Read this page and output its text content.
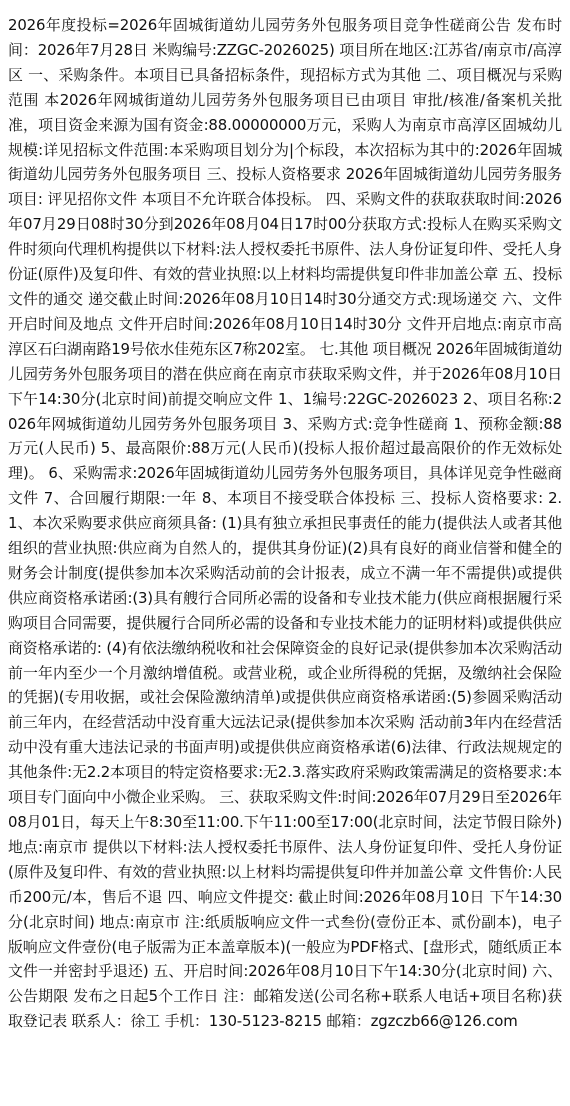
2026年度投标=2026年固城街道幼儿园劳务外包服务项目竞争性磋商公告 发布时间：2026年7月28日 米购编号:ZZGC-2026025) 项目所在地区:江苏省/南京市/高淳区 一、采购条件。本项目已具备招标条件，现招标方式为其他 二、项目概况与采购范围 本2026年网城街道幼儿园劳务外包服务项目已由项目 审批/核准/备案机关批 准，项目资金来源为国有资金:88.00000000万元，采购人为南京市高淳区固城幼儿 规模:详见招标文件范围:本采购项目划分为|个标段，本次招标为其中的:2026年固城街道幼儿园劳务外包服务项目 三、投标人资格要求 2026年固城街道幼儿园劳务服务项目: 评见招你文件 本项目不允许联合体投标。 四、采购文件的获取获取时间:2026年07月29日08时30分到2026年08月04日17时00分获取方式:投标人在购买采购文件时须向代理机构提供以下材料:法人授权委托书原件、法人身份证复印件、受托人身份证(原件)及复印件、有效的营业执照:以上材料均需提供复印件非加盖公章 五、投标文件的通交 递交截止时间:2026年08月10日14时30分通交方式:现场递交 六、文件开启时间及地点 文件开启时间:2026年08月10日14时30分 文件开启地点:南京市高淳区石臼湖南路19号依水佳苑东区7称202室。 七.其他 项目概况 2026年固城街道幼儿园劳务外包服务项目的潜在供应商在南京市获取采购文件，并于2026年08月10日 下午14:30分(北京时间)前提交响应文件 1、1编号:22GC-2026023 2、项目名称:2026年网城街道幼儿园劳务外包服务项目 3、采购方式:竞争性磋商 1、预称金额:88万元(人民币) 5、最高限价:88万元(人民币)(投标人报价超过最高限价的作无效标处理)。 6、采购需求:2026年固城街道幼儿园劳务外包服务项目，具体详见竞争性磁商文件 7、合回履行期限:一年 8、本项目不接受联合体投标 三、投标人资格要求: 2.1、本次采购要求供应商须具备: (1)具有独立承担民事责任的能力(提供法人或者其他组织的营业执照:供应商为自然人的，提供其身份证)(2)具有良好的商业信誉和健全的财务会计制度(提供参加本次采购活动前的会计报表，成立不满一年不需提供)或提供供应商资格承诺函:(3)具有艘行合同所必需的设备和专业技术能力(供应商根据履行采购项目合同需要，提供履行合同所必需的设备和专业技术能力的证明材料)或提供供应商资格承诺的: (4)有依法缴纳税收和社会保障资金的良好记录(提供参加本次采购活动前一年内至少一个月激纳增值税。或营业税，或企业所得税的凭据，及缴纳社会保险的凭据)(专用收据，或社会保险激纳清单)或提供供应商资格承诺函:(5)参圆采购活动前三年内，在经营活动中没育重大远法记录(提供参加本次采购 活动前3年内在经营活动中没有重大违法记录的书面声明)或提供供应商资格承诺(6)法律、行政法规规定的其他条件:无2.2本项目的特定资格要求:无2.3.落实政府采购政策需满足的资格要求:本项目专门面向中小微企业采购。 三、获取采购文件:时间:2026年07月29日至2026年08月01日，每天上午8:30至11:00.下午11:00至17:00(北京时间，法定节假日除外)地点:南京市 提供以下材料:法人授权委托书原件、法人身份证复印件、受托人身份证(原件及复印件、有效的营业执照:以上材料均需提供复印件并加盖公章 文件售价:人民币200元/本，售后不退 四、响应文件提交: 截止时间:2026年08月10日 下午14:30分(北京时间) 地点:南京市 注:纸质版响应文件一式叁份(壹份正本、贰份副本)，电子版响应文件壹份(电子版需为正本盖章版本)(一般应为PDF格式、[盘形式，随纸质正本文件一并密封乎退还) 五、开启时间:2026年08月10日下午14:30分(北京时间) 六、公告期限 发布之日起5个工作日 注：邮箱发送(公司名称+联系人电话+项目名称)获取登记表 联系人：徐工 手机：130-5123-8215 邮箱：zgzczb66@126.com
